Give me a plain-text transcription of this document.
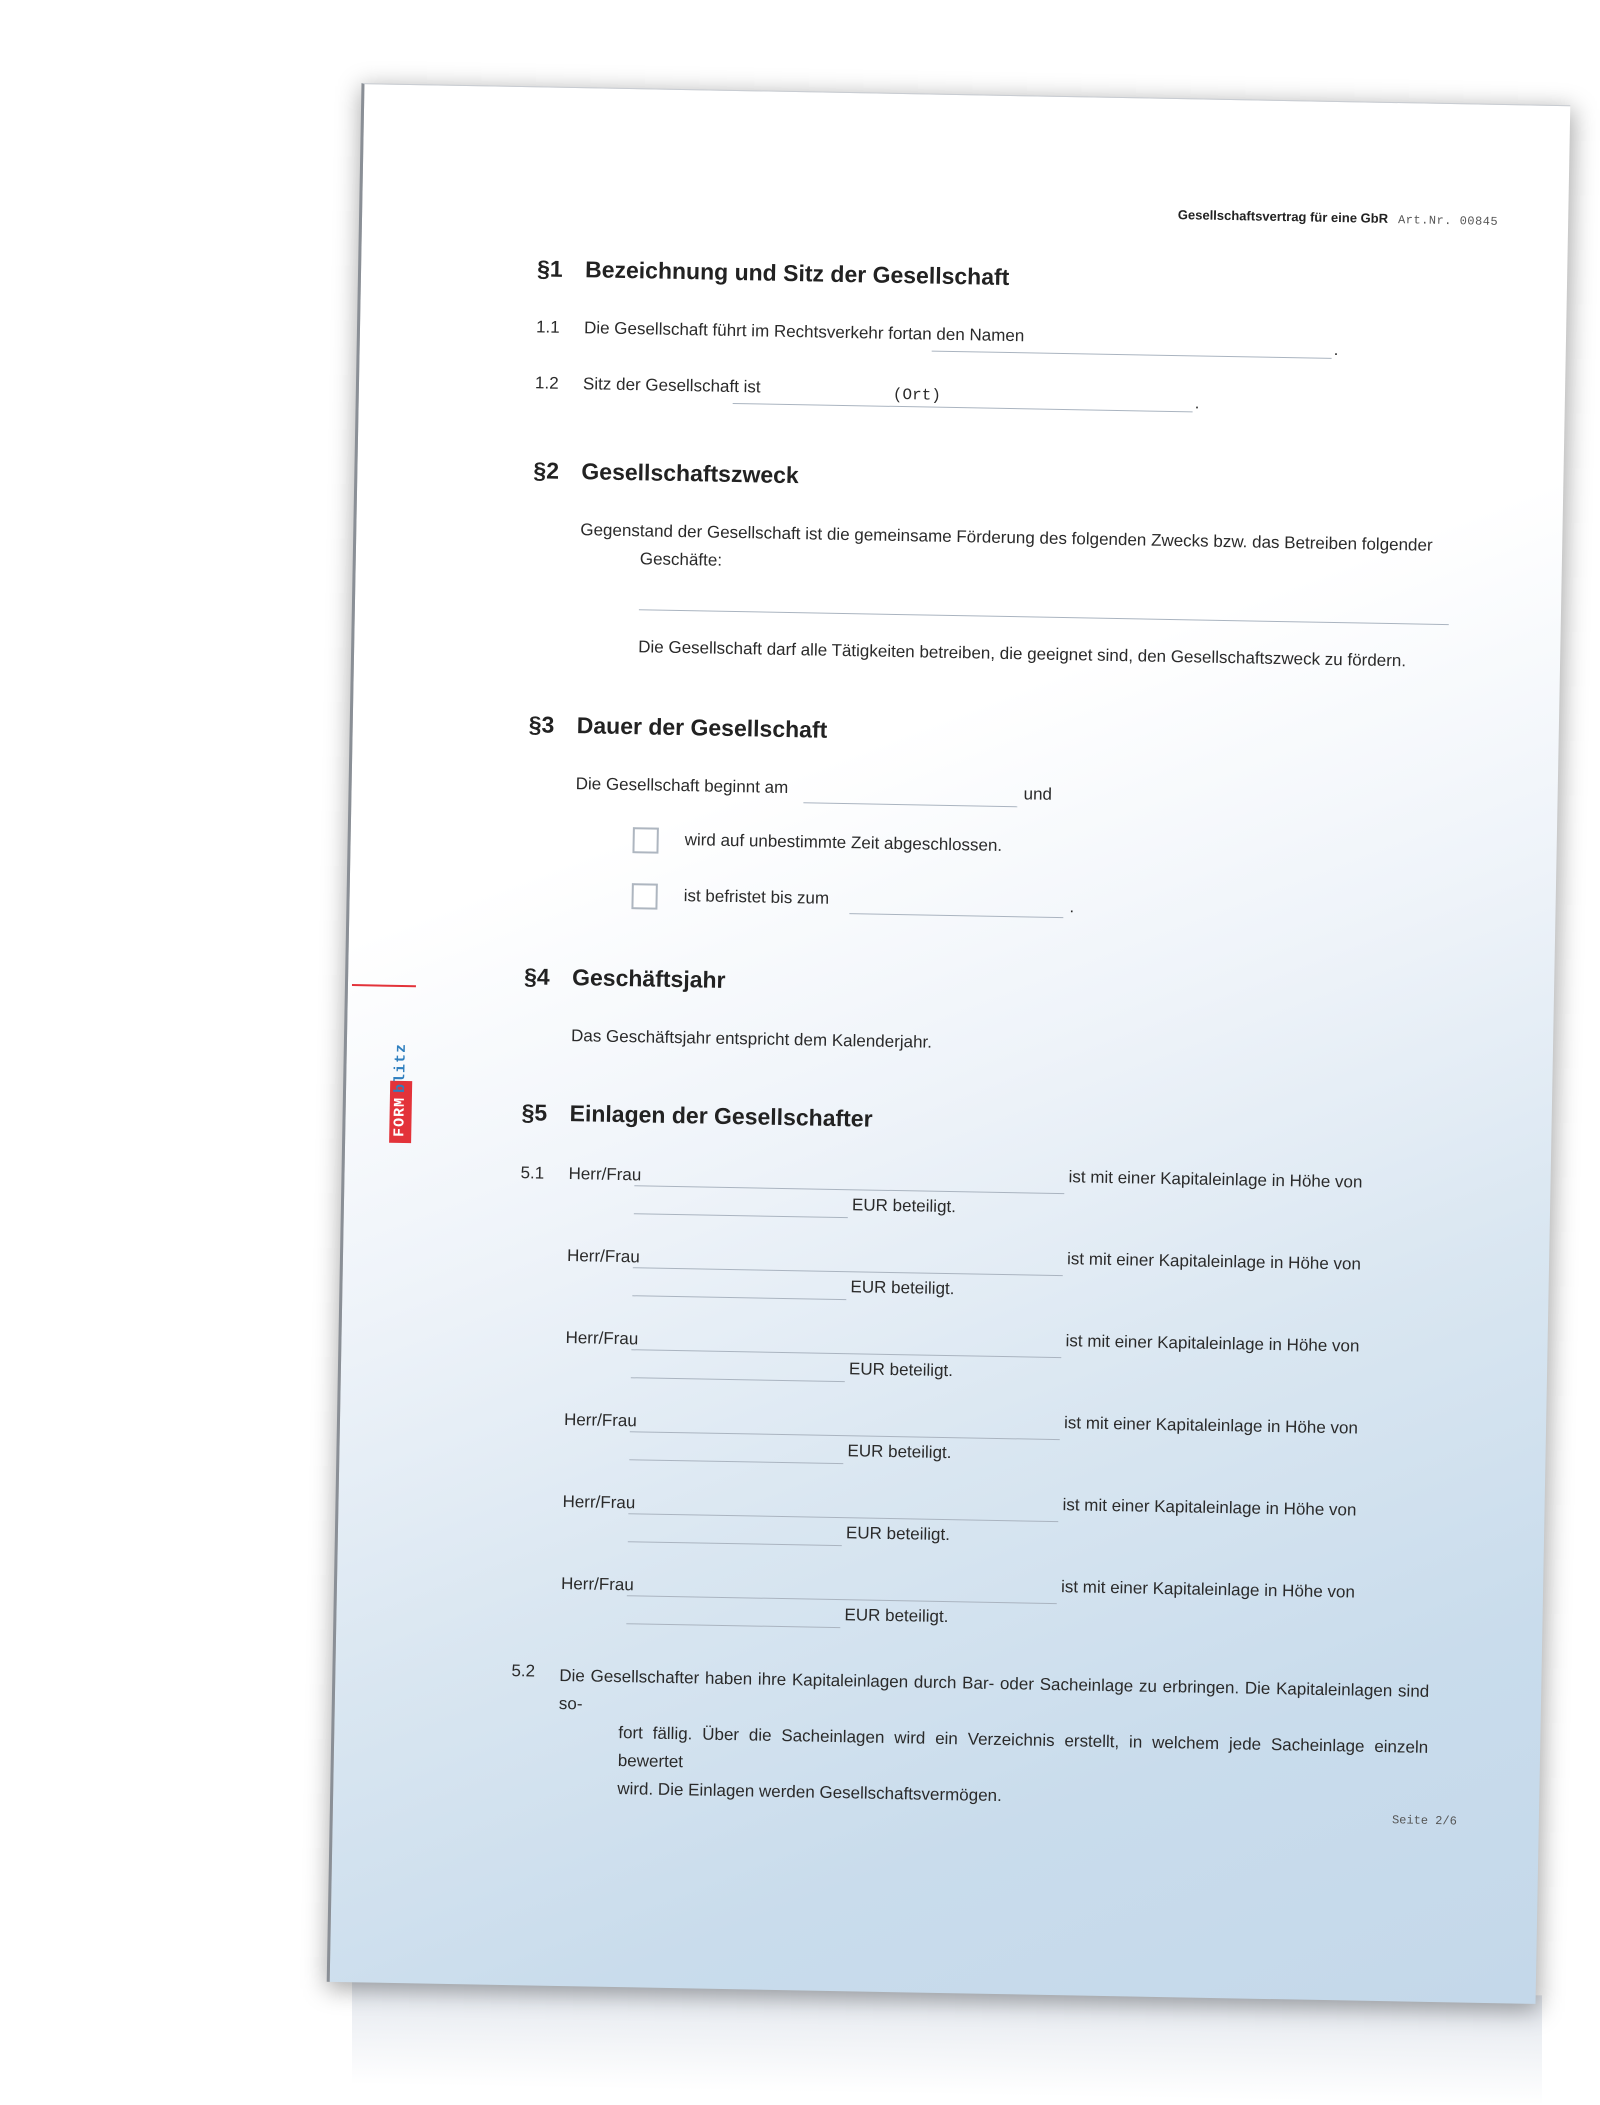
Gesellschaftsvertrag für eine GbR Art.Nr. 00845
FORMblitz
§1 Bezeichnung und Sitz der Gesellschaft
1.1 Die Gesellschaft führt im Rechtsverkehr fortan den Namen
.
1.2 Sitz der Gesellschaft ist	(Ort)	.
§2 Gesellschaftszweck
Gegenstand der Gesellschaft ist die gemeinsame Förderung des folgenden Zwecks bzw. das Betreiben folgender
Geschäfte:
Die Gesellschaft darf alle Tätigkeiten betreiben, die geeignet sind, den Gesellschaftszweck zu fördern.
§3 Dauer der Gesellschaft
Die Gesellschaft beginnt am	und
wird auf unbestimmte Zeit abgeschlossen.
ist befristet bis zum	.
§4 Geschäftsjahr
Das Geschäftsjahr entspricht dem Kalenderjahr.
§5 Einlagen der Gesellschafter
5.1 Herr/Frau	ist mit einer Kapitaleinlage in Höhe von
EUR beteiligt.
Herr/Frau	ist mit einer Kapitaleinlage in Höhe von
EUR beteiligt.
Herr/Frau	ist mit einer Kapitaleinlage in Höhe von
EUR beteiligt.
Herr/Frau	ist mit einer Kapitaleinlage in Höhe von
EUR beteiligt.
Herr/Frau	ist mit einer Kapitaleinlage in Höhe von
EUR beteiligt.
Herr/Frau	ist mit einer Kapitaleinlage in Höhe von
EUR beteiligt.
5.2 Die Gesellschafter haben ihre Kapitaleinlagen durch Bar- oder Sacheinlage zu erbringen. Die Kapitaleinlagen sind so-
fort fällig. Über die Sacheinlagen wird ein Verzeichnis erstellt, in welchem jede Sacheinlage einzeln bewertet
wird. Die Einlagen werden Gesellschaftsvermögen.
Seite 2/6
